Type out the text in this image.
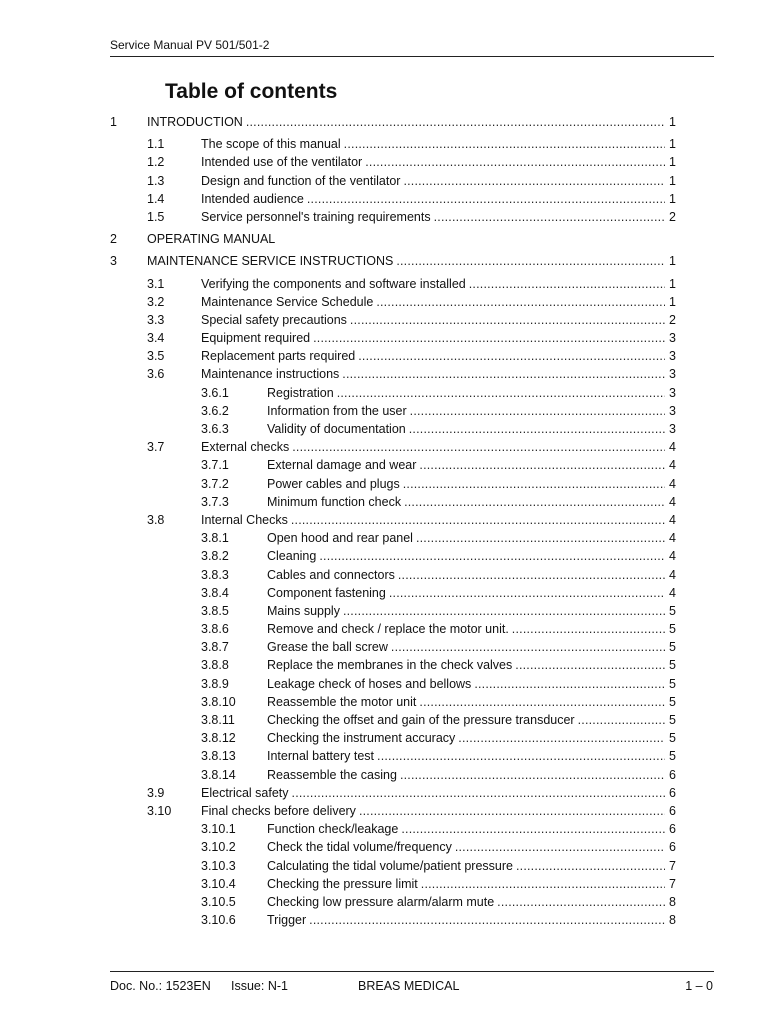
Service Manual PV 501/501-2
Table of contents
1 INTRODUCTION .....	1
1.1	The scope of this manual .....	1
1.2	Intended use of the ventilator .....	1
1.3	Design and function of the ventilator .....	1
1.4	Intended audience .....	1
1.5	Service personnel's training requirements .....	2
2 OPERATING MANUAL
3 MAINTENANCE SERVICE INSTRUCTIONS .....	1
3.1	Verifying the components and software installed .....	1
3.2	Maintenance Service Schedule .....	1
3.3	Special safety precautions .....	2
3.4	Equipment required .....	3
3.5	Replacement parts required .....	3
3.6	Maintenance instructions .....	3
3.6.1	Registration .....	3
3.6.2	Information from the user .....	3
3.6.3	Validity of documentation .....	3
3.7	External checks .....	4
3.7.1	External damage and wear .....	4
3.7.2	Power cables and plugs .....	4
3.7.3	Minimum function check .....	4
3.8	Internal Checks .....	4
3.8.1	Open hood and rear panel .....	4
3.8.2	Cleaning .....	4
3.8.3	Cables and connectors .....	4
3.8.4	Component fastening .....	4
3.8.5	Mains supply .....	5
3.8.6	Remove and check / replace the motor unit. .....	5
3.8.7	Grease the ball screw .....	5
3.8.8	Replace the membranes in the check valves .....	5
3.8.9	Leakage check of hoses and bellows .....	5
3.8.10 Reassemble the motor unit .....	5
3.8.11	Checking the offset and gain of the pressure transducer .....	5
3.8.12 Checking the instrument accuracy .....	5
3.8.13 Internal battery test .....	5
3.8.14 Reassemble the casing .....	6
3.9	Electrical safety .....	6
3.10 Final checks before delivery .....	6
3.10.1 Function check/leakage .....	6
3.10.2 Check the tidal volume/frequency .....	6
3.10.3 Calculating the tidal volume/patient pressure .....	7
3.10.4 Checking the pressure limit .....	7
3.10.5 Checking low pressure alarm/alarm mute .....	8
3.10.6 Trigger .....	8
Doc. No.: 1523EN Issue: N-1	BREAS MEDICAL	1 – 0
